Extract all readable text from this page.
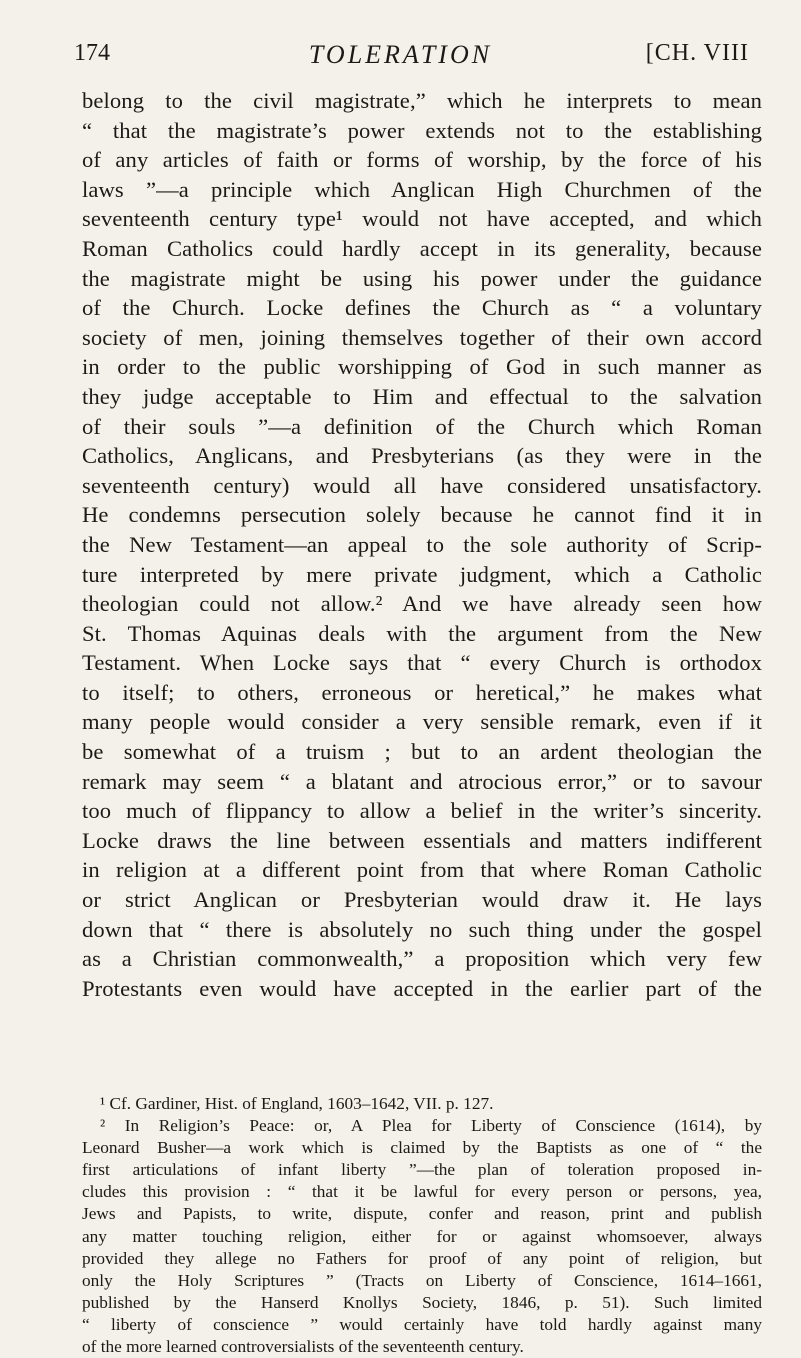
174	TOLERATION	[CH. VIII
belong to the civil magistrate,” which he interprets to mean
“ that the magistrate’s power extends not to the establishing
of any articles of faith or forms of worship, by the force of his
laws ”—a principle which Anglican High Churchmen of the
seventeenth century type¹ would not have accepted, and which
Roman Catholics could hardly accept in its generality, because
the magistrate might be using his power under the guidance
of the Church. Locke defines the Church as “ a voluntary
society of men, joining themselves together of their own accord
in order to the public worshipping of God in such manner as
they judge acceptable to Him and effectual to the salvation
of their souls ”—a definition of the Church which Roman
Catholics, Anglicans, and Presbyterians (as they were in the
seventeenth century) would all have considered unsatisfactory.
He condemns persecution solely because he cannot find it in
the New Testament—an appeal to the sole authority of Scrip-
ture interpreted by mere private judgment, which a Catholic
theologian could not allow.² And we have already seen how
St. Thomas Aquinas deals with the argument from the New
Testament. When Locke says that “ every Church is orthodox
to itself; to others, erroneous or heretical,” he makes what
many people would consider a very sensible remark, even if it
be somewhat of a truism ; but to an ardent theologian the
remark may seem “ a blatant and atrocious error,” or to savour
too much of flippancy to allow a belief in the writer’s sincerity.
Locke draws the line between essentials and matters indifferent
in religion at a different point from that where Roman Catholic
or strict Anglican or Presbyterian would draw it. He lays
down that “ there is absolutely no such thing under the gospel
as a Christian commonwealth,” a proposition which very few
Protestants even would have accepted in the earlier part of the
¹ Cf. Gardiner, Hist. of England, 1603–1642, VII. p. 127.
² In Religion’s Peace: or, A Plea for Liberty of Conscience (1614), by
Leonard Busher—a work which is claimed by the Baptists as one of “ the
first articulations of infant liberty ”—the plan of toleration proposed in-
cludes this provision : “ that it be lawful for every person or persons, yea,
Jews and Papists, to write, dispute, confer and reason, print and publish
any matter touching religion, either for or against whomsoever, always
provided they allege no Fathers for proof of any point of religion, but
only the Holy Scriptures ” (Tracts on Liberty of Conscience, 1614–1661,
published by the Hanserd Knollys Society, 1846, p. 51). Such limited
“ liberty of conscience ” would certainly have told hardly against many
of the more learned controversialists of the seventeenth century.
